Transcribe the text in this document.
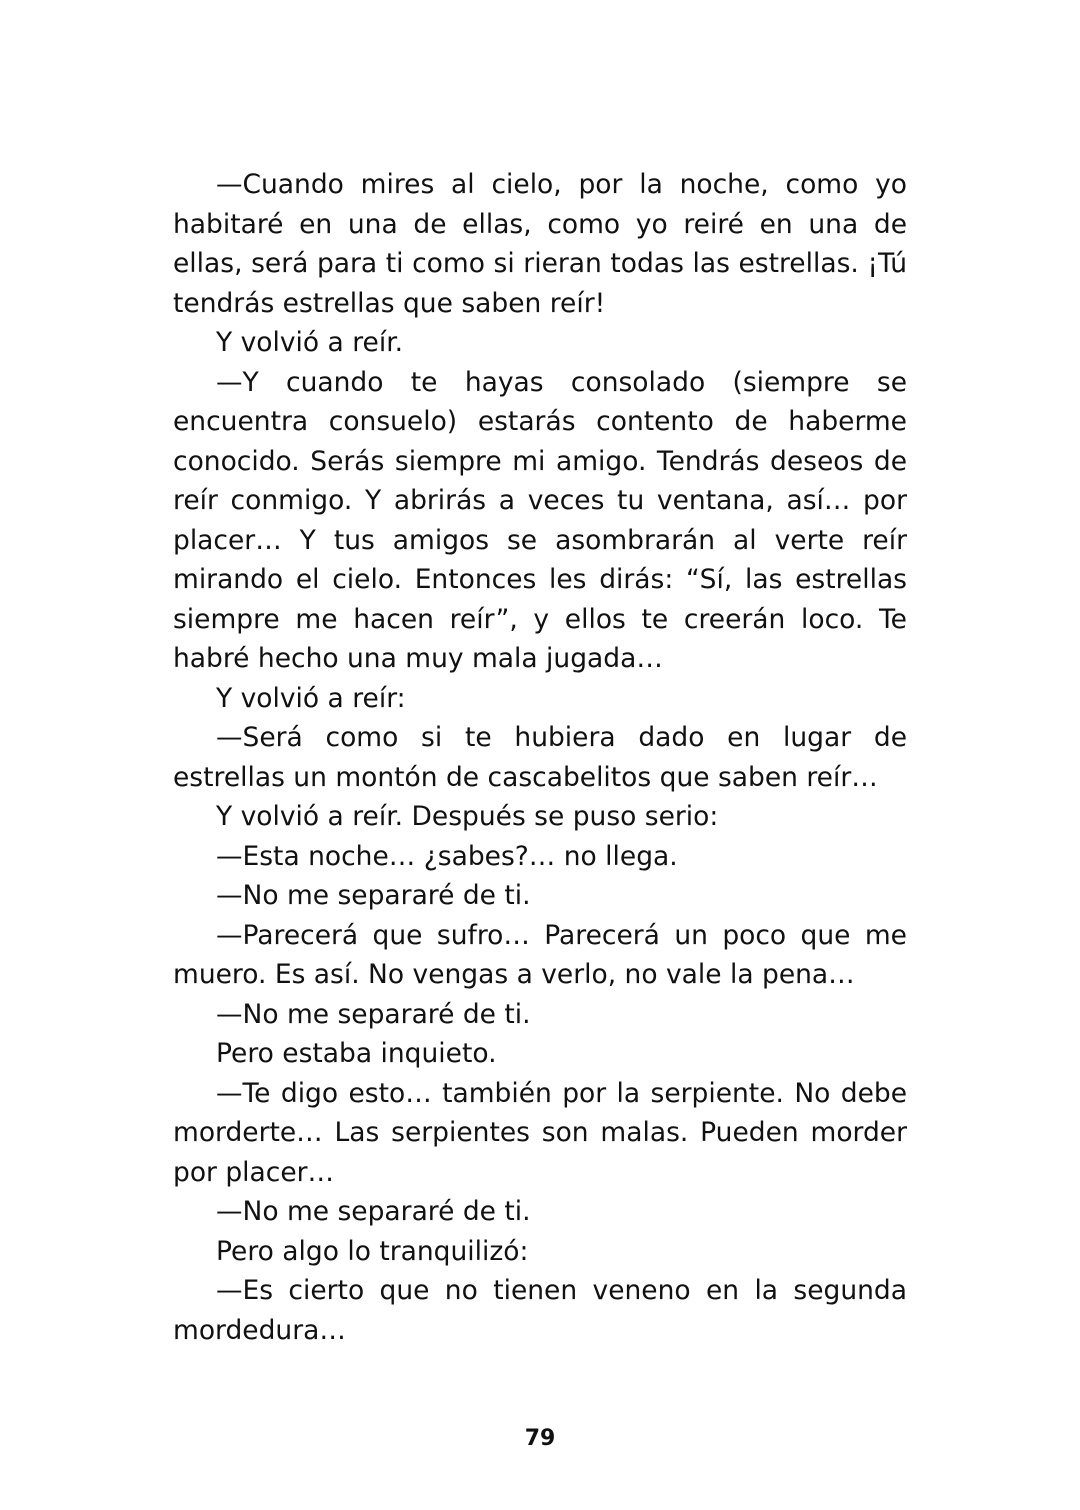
—Cuando mires al cielo, por la noche, como yo habitaré en una de ellas, como yo reiré en una de ellas, será para ti como si rieran todas las estrellas. ¡Tú tendrás estrellas que saben reír!

Y volvió a reír.

—Y cuando te hayas consolado (siempre se encuentra consuelo) estarás contento de haberme conocido. Serás siempre mi amigo. Tendrás deseos de reír conmigo. Y abrirás a veces tu ventana, así… por placer… Y tus amigos se asombrarán al verte reír mirando el cielo. Entonces les dirás: “Sí, las estrellas siempre me hacen reír”, y ellos te creerán loco. Te habré hecho una muy mala jugada…

Y volvió a reír:

—Será como si te hubiera dado en lugar de estrellas un montón de cascabelitos que saben reír…

Y volvió a reír. Después se puso serio:

—Esta noche… ¿sabes?… no llega.

—No me separaré de ti.

—Parecerá que sufro… Parecerá un poco que me muero. Es así. No vengas a verlo, no vale la pena…

—No me separaré de ti.

Pero estaba inquieto.

—Te digo esto… también por la serpiente. No debe morderte… Las serpientes son malas. Pueden morder por placer…

—No me separaré de ti.

Pero algo lo tranquilizó:

—Es cierto que no tienen veneno en la segunda mordedura…

79
